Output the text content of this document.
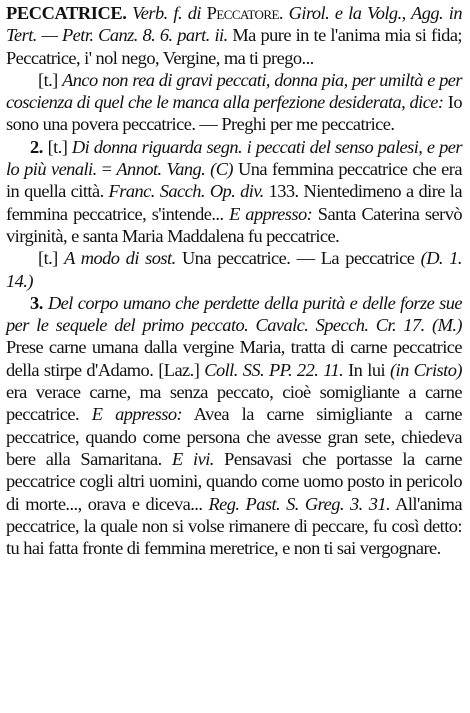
PECCATRICE. Verb. f. di Peccatore. Girol. e la Volg., Agg. in Tert. — Petr. Canz. 8. 6. part. ii. Ma pure in te l'anima mia si fida; Peccatrice, i' nol nego, Vergine, ma ti prego...

[t.] Anco non rea di gravi peccati, donna pia, per umiltà e per coscienza di quel che le manca alla perfezione desiderata, dice: Io sono una povera peccatrice. — Preghi per me peccatrice.

2. [t.] Di donna riguarda segn. i peccati del senso palesi, e per lo più venali. = Annot. Vang. (C) Una femmina peccatrice che era in quella città. Franc. Sacch. Op. div. 133. Nientedimeno a dire la femmina peccatrice, s'intende... E appresso: Santa Caterina servò virginità, e santa Maria Maddalena fu peccatrice.

[t.] A modo di sost. Una peccatrice. — La peccatrice (D. 1. 14.)

3. Del corpo umano che perdette della purità e delle forze sue per le sequele del primo peccato. Cavalc. Specch. Cr. 17. (M.) Prese carne umana dalla vergine Maria, tratta di carne peccatrice della stirpe d'Adamo. [Laz.] Coll. SS. PP. 22. 11. In lui (in Cristo) era verace carne, ma senza peccato, cioè somigliante a carne peccatrice. E appresso: Avea la carne simigliante a carne peccatrice, quando come persona che avesse gran sete, chiedeva bere alla Samaritana. E ivi. Pensavasi che portasse la carne peccatrice cogli altri uomini, quando come uomo posto in pericolo di morte..., orava e diceva... Reg. Past. S. Greg. 3. 31. All'anima peccatrice, la quale non si volse rimanere di peccare, fu così detto: tu hai fatta fronte di femmina meretrice, e non ti sai vergognare.
